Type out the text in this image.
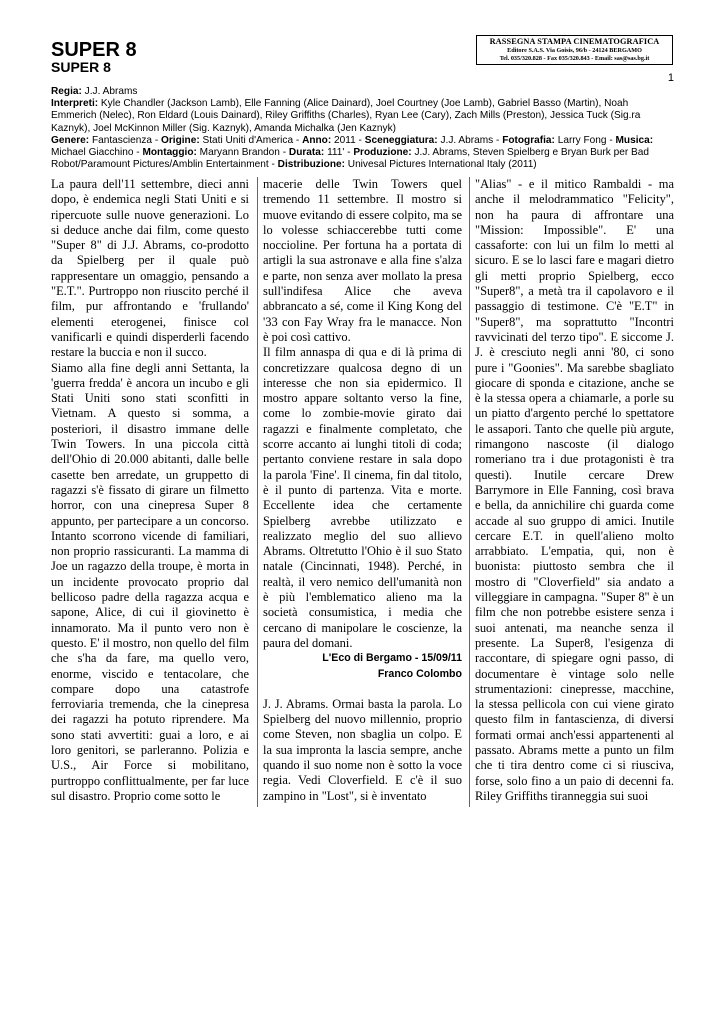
SUPER 8
SUPER 8
RASSEGNA STAMPA CINEMATOGRAFICA
Editore S.A.S. Via Goisis, 96/b - 24124 BERGAMO
Tel. 035/320.828 - Fax 035/320.843 - Email: sas@sas.bg.it
1

Regia: J.J. Abrams

Interpreti: Kyle Chandler (Jackson Lamb), Elle Fanning (Alice Dainard), Joel Courtney (Joe Lamb), Gabriel Basso (Martin), Noah Emmerich (Nelec), Ron Eldard (Louis Dainard), Riley Griffiths (Charles), Ryan Lee (Cary), Zach Mills (Preston), Jessica Tuck (Sig.ra Kaznyk), Joel McKinnon Miller (Sig. Kaznyk), Amanda Michalka (Jen Kaznyk)

Genere: Fantascienza - Origine: Stati Uniti d'America - Anno: 2011 - Sceneggiatura: J.J. Abrams - Fotografia: Larry Fong - Musica: Michael Giacchino - Montaggio: Maryann Brandon - Durata: 111' - Produzione: J.J. Abrams, Steven Spielberg e Bryan Burk per Bad Robot/Paramount Pictures/Amblin Entertainment - Distribuzione: Univesal Pictures International Italy (2011)

La paura dell'11 settembre, dieci anni dopo, è endemica negli Stati Uniti e si ripercuote sulle nuove generazioni. Lo si deduce anche dai film, come questo "Super 8" di J.J. Abrams, co-prodotto da Spielberg per il quale può rappresentare un omaggio, pensando a "E.T.". Purtroppo non riuscito perché il film, pur affrontando e 'frullando' elementi eterogenei, finisce col vanificarli e quindi disperderli facendo restare la buccia e non il succo.

Siamo alla fine degli anni Settanta, la 'guerra fredda' è ancora un incubo e gli Stati Uniti sono stati sconfitti in Vietnam. A questo si somma, a posteriori, il disastro immane delle Twin Towers. In una piccola città dell'Ohio di 20.000 abitanti, dalle belle casette ben arredate, un gruppetto di ragazzi s'è fissato di girare un filmetto horror, con una cinepresa Super 8 appunto, per partecipare a un concorso. Intanto scorrono vicende di familiari, non proprio rassicuranti. La mamma di Joe un ragazzo della troupe, è morta in un incidente provocato proprio dal bellicoso padre della ragazza acqua e sapone, Alice, di cui il giovinetto è innamorato. Ma il punto vero non è questo. E' il mostro, non quello del film che s'ha da fare, ma quello vero, enorme, viscido e tentacolare, che compare dopo una catastrofe ferroviaria tremenda, che la cinepresa dei ragazzi ha potuto riprendere. Ma sono stati avvertiti: guai a loro, e ai loro genitori, se parleranno. Polizia e U.S., Air Force si mobilitano, purtroppo conflittualmente, per far luce sul disastro. Proprio come sotto le

macerie delle Twin Towers quel tremendo 11 settembre. Il mostro si muove evitando di essere colpito, ma se lo volesse schiaccerebbe tutti come noccioline. Per fortuna ha a portata di artigli la sua astronave e alla fine s'alza e parte, non senza aver mollato la presa sull'indifesa Alice che aveva abbrancato a sé, come il King Kong del '33 con Fay Wray fra le manacce. Non è poi così cattivo.

Il film annaspa di qua e di là prima di concretizzare qualcosa degno di un interesse che non sia epidermico. Il mostro appare soltanto verso la fine, come lo zombie-movie girato dai ragazzi e finalmente completato, che scorre accanto ai lunghi titoli di coda; pertanto conviene restare in sala dopo la parola 'Fine'. Il cinema, fin dal titolo, è il punto di partenza. Vita e morte. Eccellente idea che certamente Spielberg avrebbe utilizzato e realizzato meglio del suo allievo Abrams. Oltretutto l'Ohio è il suo Stato natale (Cincinnati, 1948). Perché, in realtà, il vero nemico dell'umanità non è più l'emblematico alieno ma la società consumistica, i media che cercano di manipolare le coscienze, la paura del domani.

L'Eco di Bergamo - 15/09/11
Franco Colombo

J. J. Abrams. Ormai basta la parola. Lo Spielberg del nuovo millennio, proprio come Steven, non sbaglia un colpo. E la sua impronta la lascia sempre, anche quando il suo nome non è sotto la voce regia. Vedi Cloverfield. E c'è il suo zampino in "Lost", si è inventato

"Alias" - e il mitico Rambaldi - ma anche il melodrammatico "Felicity", non ha paura di affrontare una "Mission: Impossible". E' una cassaforte: con lui un film lo metti al sicuro. E se lo lasci fare e magari dietro gli metti proprio Spielberg, ecco "Super8", a metà tra il capolavoro e il passaggio di testimone. C'è "E.T" in "Super8", ma soprattutto "Incontri ravvicinati del terzo tipo". E siccome J. J. è cresciuto negli anni '80, ci sono pure i "Goonies". Ma sarebbe sbagliato giocare di sponda e citazione, anche se è la stessa opera a chiamarle, a porle su un piatto d'argento perché lo spettatore le assapori. Tanto che quelle più argute, rimangono nascoste (il dialogo romeriano tra i due protagonisti è tra questi). Inutile cercare Drew Barrymore in Elle Fanning, così brava e bella, da annichilire chi guarda come accade al suo gruppo di amici. Inutile cercare E.T. in quell'alieno molto arrabbiato. L'empatia, qui, non è buonista: piuttosto sembra che il mostro di "Cloverfield" sia andato a villeggiare in campagna. "Super 8" è un film che non potrebbe esistere senza i suoi antenati, ma neanche senza il presente. La Super8, l'esigenza di raccontare, di spiegare ogni passo, di documentare è vintage solo nelle strumentazioni: cinepresse, macchine, la stessa pellicola con cui viene girato questo film in fantascienza, di diversi formati ormai anch'essi appartenenti al passato. Abrams mette a punto un film che ti tira dentro come ci si riusciva, forse, solo fino a un paio di decenni fa. Riley Griffiths tiranneggia sui suoi
